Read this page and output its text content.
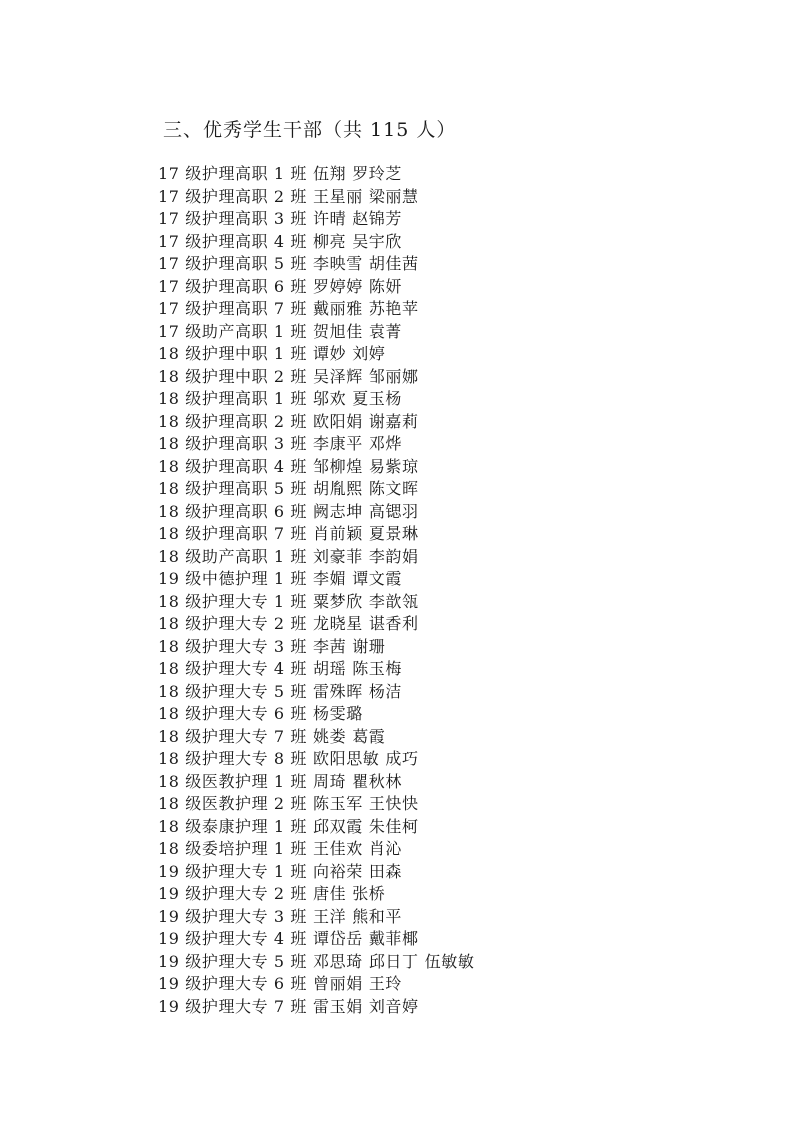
三、优秀学生干部（共 115 人）
17 级护理高职 1 班 伍翔 罗玲芝
17 级护理高职 2 班 王星丽 梁丽慧
17 级护理高职 3 班 许晴 赵锦芳
17 级护理高职 4 班 柳亮 吴宇欣
17 级护理高职 5 班 李映雪 胡佳茜
17 级护理高职 6 班 罗婷婷 陈妍
17 级护理高职 7 班 戴丽雅 苏艳苹
17 级助产高职 1 班 贺旭佳 袁菁
18 级护理中职 1 班 谭妙 刘婷
18 级护理中职 2 班 吴泽辉 邹丽娜
18 级护理高职 1 班 邬欢 夏玉杨
18 级护理高职 2 班 欧阳娟 谢嘉莉
18 级护理高职 3 班 李康平 邓烨
18 级护理高职 4 班 邹柳煌 易紫琼
18 级护理高职 5 班 胡胤熙 陈文晖
18 级护理高职 6 班 阙志坤 高锶羽
18 级护理高职 7 班 肖前颖 夏景琳
18 级助产高职 1 班 刘豪菲 李韵娟
19 级中德护理 1 班 李媚 谭文霞
18 级护理大专 1 班 粟梦欣 李歆瓴
18 级护理大专 2 班 龙晓星 谌香利
18 级护理大专 3 班 李茜 谢珊
18 级护理大专 4 班 胡瑶 陈玉梅
18 级护理大专 5 班 雷殊晖 杨洁
18 级护理大专 6 班 杨雯璐
18 级护理大专 7 班 姚娄 葛霞
18 级护理大专 8 班 欧阳思敏 成巧
18 级医教护理 1 班 周琦 瞿秋林
18 级医教护理 2 班 陈玉军 王快快
18 级泰康护理 1 班 邱双霞 朱佳柯
18 级委培护理 1 班 王佳欢 肖沁
19 级护理大专 1 班 向裕荣 田森
19 级护理大专 2 班 唐佳 张桥
19 级护理大专 3 班 王洋 熊和平
19 级护理大专 4 班 谭岱岳 戴菲椰
19 级护理大专 5 班 邓思琦 邱日丁 伍敏敏
19 级护理大专 6 班 曾丽娟 王玲
19 级护理大专 7 班 雷玉娟 刘音婷
